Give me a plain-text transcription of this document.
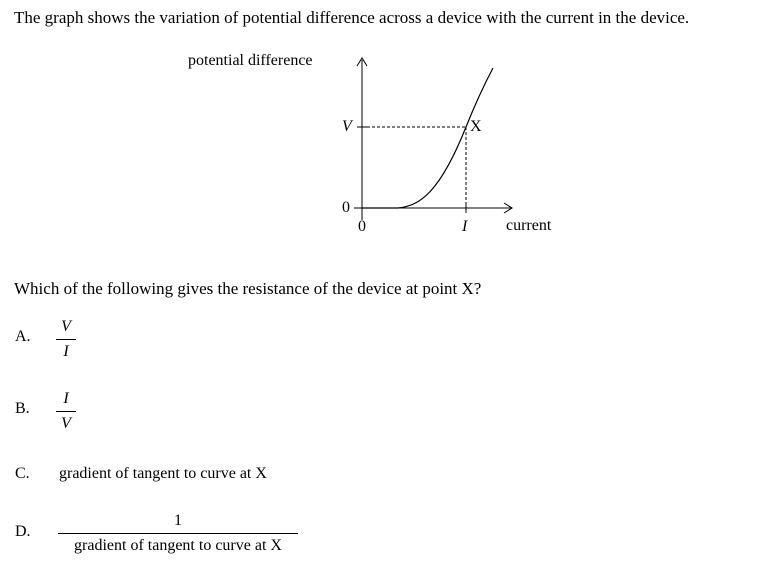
The graph shows the variation of potential difference across a device with the current in the device.
potential difference
V	X
0
0	I current
Which of the following gives the resistance of the device at point X?
A.
V
I
B.
I
V
C. gradient of tangent to curve at X
D.
1
gradient of tangent to curve at X
